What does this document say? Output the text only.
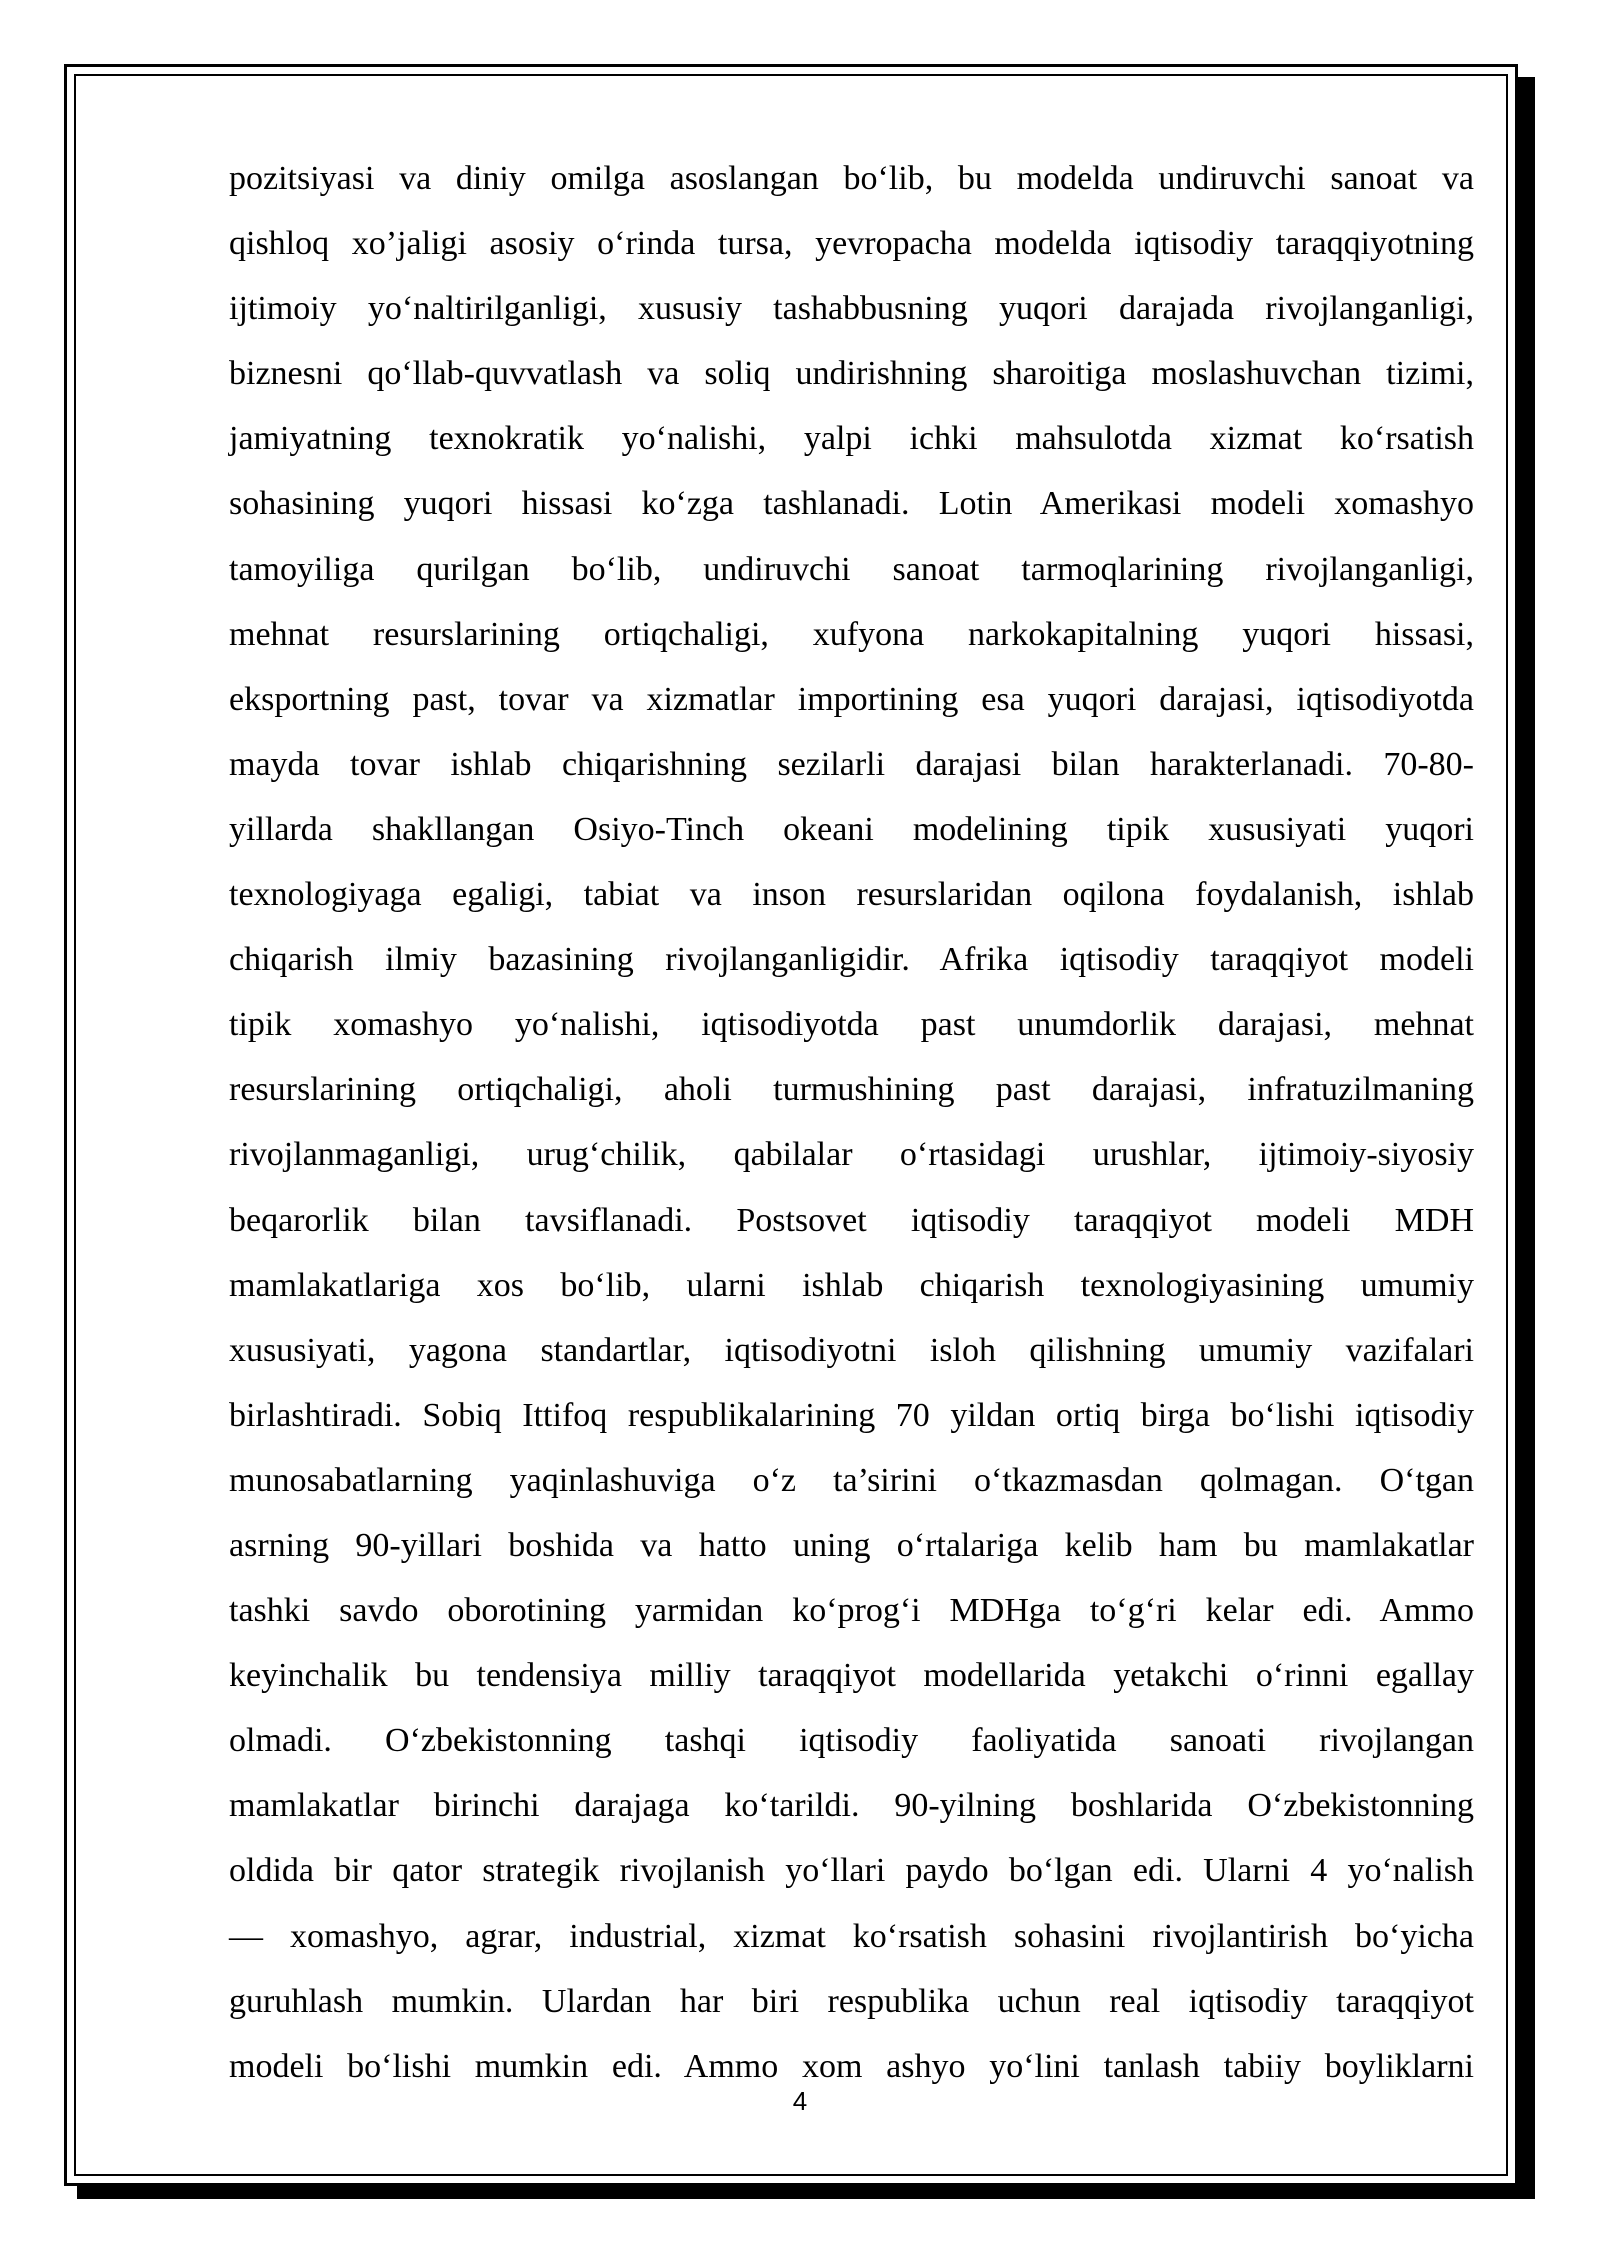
pozitsiyasi va diniy omilga asoslangan bo‘lib, bu modelda undiruvchi sanoat va
qishloq xo’jaligi asosiy o‘rinda tursa, yevropacha modelda iqtisodiy taraqqiyotning
ijtimoiy yo‘naltirilganligi, xususiy tashabbusning yuqori darajada rivojlanganligi,
biznesni qo‘llab-quvvatlash va soliq undirishning sharoitiga moslashuvchan tizimi,
jamiyatning texnokratik yo‘nalishi, yalpi ichki mahsulotda xizmat ko‘rsatish
sohasining yuqori hissasi ko‘zga tashlanadi. Lotin Amerikasi modeli xomashyo
tamoyiliga qurilgan bo‘lib, undiruvchi sanoat tarmoqlarining rivojlanganligi,
mehnat resurslarining ortiqchaligi, xufyona narkokapitalning yuqori hissasi,
eksportning past, tovar va xizmatlar importining esa yuqori darajasi, iqtisodiyotda
mayda tovar ishlab chiqarishning sezilarli darajasi bilan harakterlanadi. 70-80-
yillarda shakllangan Osiyo-Tinch okeani modelining tipik xususiyati yuqori
texnologiyaga egaligi, tabiat va inson resurslaridan oqilona foydalanish, ishlab
chiqarish ilmiy bazasining rivojlanganligidir. Afrika iqtisodiy taraqqiyot modeli
tipik xomashyo yo‘nalishi, iqtisodiyotda past unumdorlik darajasi, mehnat
resurslarining ortiqchaligi, aholi turmushining past darajasi, infratuzilmaning
rivojlanmaganligi, urug‘chilik, qabilalar o‘rtasidagi urushlar, ijtimoiy-siyosiy
beqarorlik bilan tavsiflanadi. Postsovet iqtisodiy taraqqiyot modeli MDH
mamlakatlariga xos bo‘lib, ularni ishlab chiqarish texnologiyasining umumiy
xususiyati, yagona standartlar, iqtisodiyotni isloh qilishning umumiy vazifalari
birlashtiradi. Sobiq Ittifoq respublikalarining 70 yildan ortiq birga bo‘lishi iqtisodiy
munosabatlarning yaqinlashuviga o‘z ta’sirini o‘tkazmasdan qolmagan. O‘tgan
asrning 90-yillari boshida va hatto uning o‘rtalariga kelib ham bu mamlakatlar
tashki savdo oborotining yarmidan ko‘prog‘i MDHga to‘g‘ri kelar edi. Ammo
keyinchalik bu tendensiya milliy taraqqiyot modellarida yetakchi o‘rinni egallay
olmadi. O‘zbekistonning tashqi iqtisodiy faoliyatida sanoati rivojlangan
mamlakatlar birinchi darajaga ko‘tarildi. 90-yilning boshlarida O‘zbekistonning
oldida bir qator strategik rivojlanish yo‘llari paydo bo‘lgan edi. Ularni 4 yo‘nalish
— xomashyo, agrar, industrial, xizmat ko‘rsatish sohasini rivojlantirish bo‘yicha
guruhlash mumkin. Ulardan har biri respublika uchun real iqtisodiy taraqqiyot
modeli bo‘lishi mumkin edi. Ammo xom ashyo yo‘lini tanlash tabiiy boyliklarni

4
